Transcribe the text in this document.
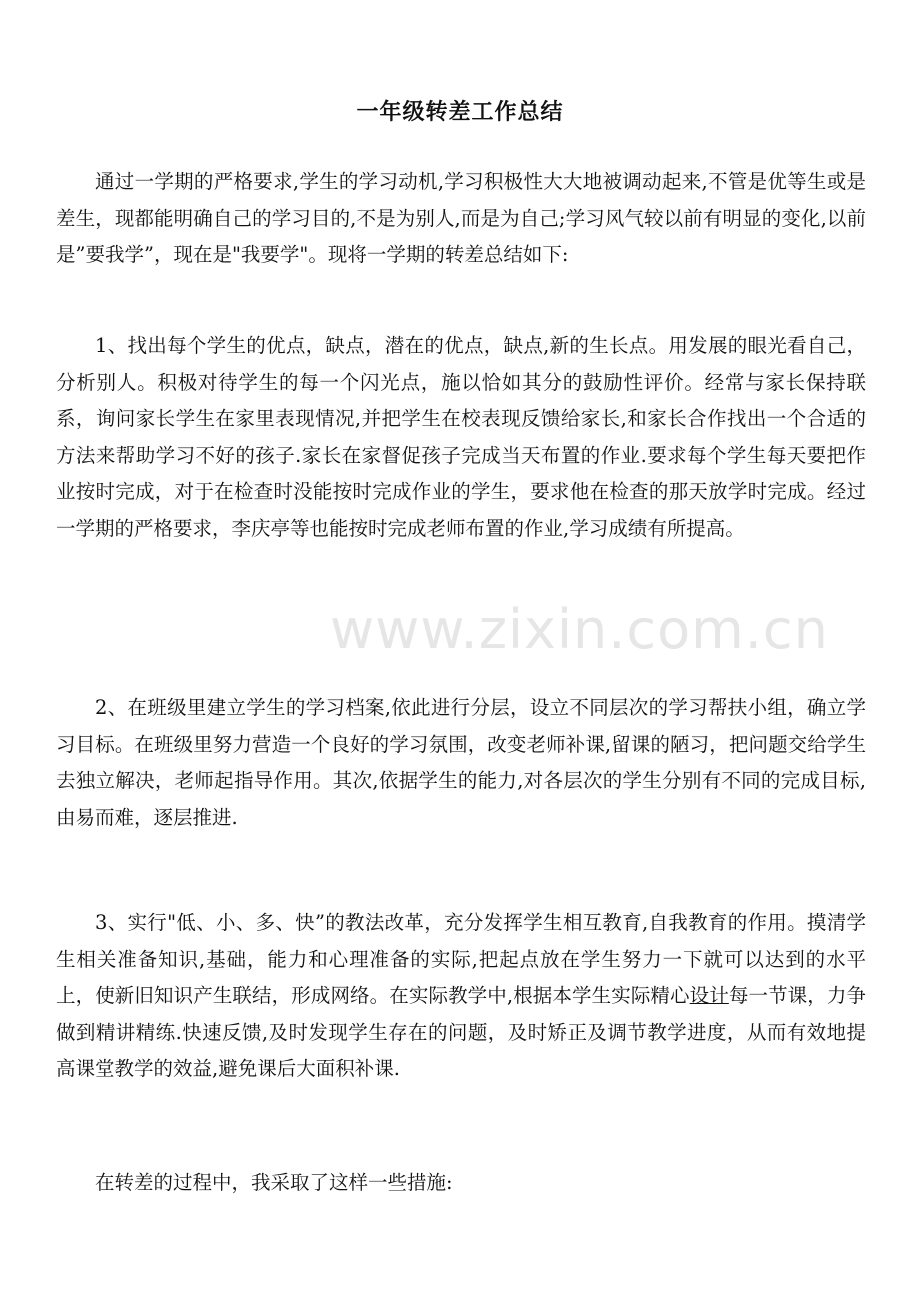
一年级转差工作总结

通过一学期的严格要求,学生的学习动机,学习积极性大大地被调动起来,不管是优等生或是差生，现都能明确自己的学习目的,不是为别人,而是为自己;学习风气较以前有明显的变化,以前是”要我学”，现在是"我要学"。现将一学期的转差总结如下:

1、找出每个学生的优点，缺点，潜在的优点，缺点,新的生长点。用发展的眼光看自己，分析别人。积极对待学生的每一个闪光点，施以恰如其分的鼓励性评价。经常与家长保持联系，询问家长学生在家里表现情况,并把学生在校表现反馈给家长,和家长合作找出一个合适的方法来帮助学习不好的孩子.家长在家督促孩子完成当天布置的作业.要求每个学生每天要把作业按时完成，对于在检查时没能按时完成作业的学生，要求他在检查的那天放学时完成。经过一学期的严格要求，李庆亭等也能按时完成老师布置的作业,学习成绩有所提高。

2、在班级里建立学生的学习档案,依此进行分层，设立不同层次的学习帮扶小组，确立学习目标。在班级里努力营造一个良好的学习氛围，改变老师补课,留课的陋习，把问题交给学生去独立解决，老师起指导作用。其次,依据学生的能力,对各层次的学生分别有不同的完成目标,由易而难，逐层推进.

3、实行"低、小、多、快”的教法改革，充分发挥学生相互教育,自我教育的作用。摸清学生相关准备知识,基础，能力和心理准备的实际,把起点放在学生努力一下就可以达到的水平上，使新旧知识产生联结，形成网络。在实际教学中,根据本学生实际精心设计每一节课，力争做到精讲精练.快速反馈,及时发现学生存在的问题，及时矫正及调节教学进度，从而有效地提高课堂教学的效益,避免课后大面积补课.

在转差的过程中，我采取了这样一些措施:

www.zixin.com.cn
